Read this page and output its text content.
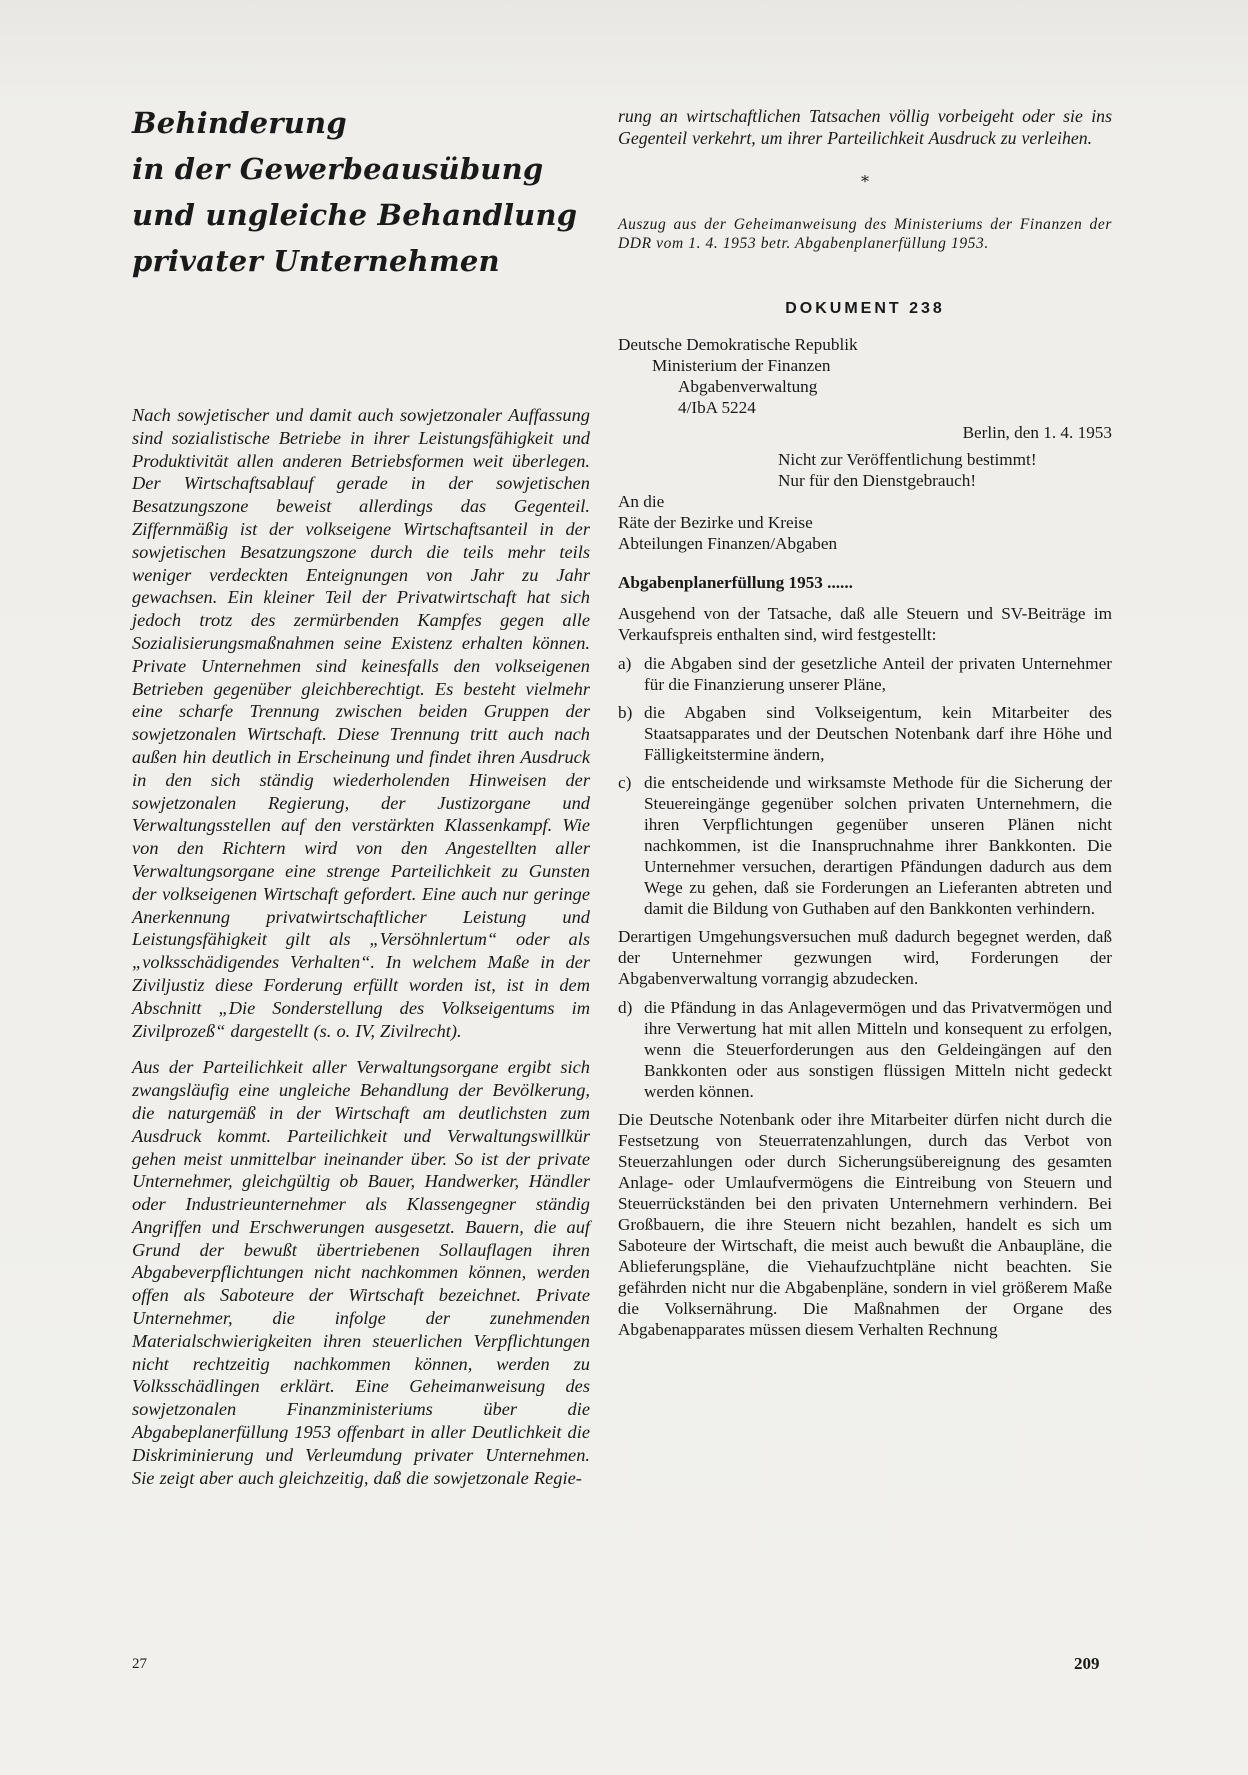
Behinderung
in der Gewerbeausübung
und ungleiche Behandlung
privater Unternehmen

Nach sowjetischer und damit auch sowjetzonaler Auffassung sind sozialistische Betriebe in ihrer Leistungsfähigkeit und Produktivität allen anderen Betriebsformen weit überlegen. Der Wirtschaftsablauf gerade in der sowjetischen Besatzungszone beweist allerdings das Gegenteil. Ziffernmäßig ist der volkseigene Wirtschaftsanteil in der sowjetischen Besatzungszone durch die teils mehr teils weniger verdeckten Enteignungen von Jahr zu Jahr gewachsen. Ein kleiner Teil der Privatwirtschaft hat sich jedoch trotz des zermürbenden Kampfes gegen alle Sozialisierungsmaßnahmen seine Existenz erhalten können. Private Unternehmen sind keinesfalls den volkseigenen Betrieben gegenüber gleichberechtigt. Es besteht vielmehr eine scharfe Trennung zwischen beiden Gruppen der sowjetzonalen Wirtschaft. Diese Trennung tritt auch nach außen hin deutlich in Erscheinung und findet ihren Ausdruck in den sich ständig wiederholenden Hinweisen der sowjetzonalen Regierung, der Justizorgane und Verwaltungsstellen auf den verstärkten Klassenkampf. Wie von den Richtern wird von den Angestellten aller Verwaltungsorgane eine strenge Parteilichkeit zu Gunsten der volkseigenen Wirtschaft gefordert. Eine auch nur geringe Anerkennung privatwirtschaftlicher Leistung und Leistungsfähigkeit gilt als „Versöhnlertum“ oder als „volksschädigendes Verhalten“. In welchem Maße in der Ziviljustiz diese Forderung erfüllt worden ist, ist in dem Abschnitt „Die Sonderstellung des Volkseigentums im Zivilprozeß“ dargestellt (s. o. IV, Zivilrecht).

Aus der Parteilichkeit aller Verwaltungsorgane ergibt sich zwangsläufig eine ungleiche Behandlung der Bevölkerung, die naturgemäß in der Wirtschaft am deutlichsten zum Ausdruck kommt. Parteilichkeit und Verwaltungswillkür gehen meist unmittelbar ineinander über. So ist der private Unternehmer, gleichgültig ob Bauer, Handwerker, Händler oder Industrieunternehmer als Klassengegner ständig Angriffen und Erschwerungen ausgesetzt. Bauern, die auf Grund der bewußt übertriebenen Sollauflagen ihren Abgabeverpflichtungen nicht nachkommen können, werden offen als Saboteure der Wirtschaft bezeichnet. Private Unternehmer, die infolge der zunehmenden Materialschwierigkeiten ihren steuerlichen Verpflichtungen nicht rechtzeitig nachkommen können, werden zu Volksschädlingen erklärt. Eine Geheimanweisung des sowjetzonalen Finanzministeriums über die Abgabeplanerfüllung 1953 offenbart in aller Deutlichkeit die Diskriminierung und Verleumdung privater Unternehmen. Sie zeigt aber auch gleichzeitig, daß die sowjetzonale Regie-

rung an wirtschaftlichen Tatsachen völlig vorbeigeht oder sie ins Gegenteil verkehrt, um ihrer Parteilichkeit Ausdruck zu verleihen.

*

Auszug aus der Geheimanweisung des Ministeriums der Finanzen der DDR vom 1. 4. 1953 betr. Abgabenplanerfüllung 1953.

DOKUMENT 238
Deutsche Demokratische Republik
Ministerium der Finanzen
Abgabenverwaltung
4/IbA 5224
Berlin, den 1. 4. 1953
Nicht zur Veröffentlichung bestimmt!
Nur für den Dienstgebrauch!
An die
Räte der Bezirke und Kreise
Abteilungen Finanzen/Abgaben
Abgabenplanerfüllung 1953 ......

Ausgehend von der Tatsache, daß alle Steuern und SV-Beiträge im Verkaufspreis enthalten sind, wird festgestellt:

a) die Abgaben sind der gesetzliche Anteil der privaten Unternehmer für die Finanzierung unserer Pläne,
b) die Abgaben sind Volkseigentum, kein Mitarbeiter des Staatsapparates und der Deutschen Notenbank darf ihre Höhe und Fälligkeitstermine ändern,
c) die entscheidende und wirksamste Methode für die Sicherung der Steuereingänge gegenüber solchen privaten Unternehmern, die ihren Verpflichtungen gegenüber unseren Plänen nicht nachkommen, ist die Inanspruchnahme ihrer Bankkonten. Die Unternehmer versuchen, derartigen Pfändungen dadurch aus dem Wege zu gehen, daß sie Forderungen an Lieferanten abtreten und damit die Bildung von Guthaben auf den Bankkonten verhindern.

Derartigen Umgehungsversuchen muß dadurch begegnet werden, daß der Unternehmer gezwungen wird, Forderungen der Abgabenverwaltung vorrangig abzudecken.

d) die Pfändung in das Anlagevermögen und das Privatvermögen und ihre Verwertung hat mit allen Mitteln und konsequent zu erfolgen, wenn die Steuerforderungen aus den Geldeingängen auf den Bankkonten oder aus sonstigen flüssigen Mitteln nicht gedeckt werden können.

Die Deutsche Notenbank oder ihre Mitarbeiter dürfen nicht durch die Festsetzung von Steuerratenzahlungen, durch das Verbot von Steuerzahlungen oder durch Sicherungsübereignung des gesamten Anlage- oder Umlaufvermögens die Eintreibung von Steuern und Steuerrückständen bei den privaten Unternehmern verhindern. Bei Großbauern, die ihre Steuern nicht bezahlen, handelt es sich um Saboteure der Wirtschaft, die meist auch bewußt die Anbaupläne, die Ablieferungspläne, die Viehaufzuchtpläne nicht beachten. Sie gefährden nicht nur die Abgabenpläne, sondern in viel größerem Maße die Volksernährung. Die Maßnahmen der Organe des Abgabenapparates müssen diesem Verhalten Rechnung

27	209
